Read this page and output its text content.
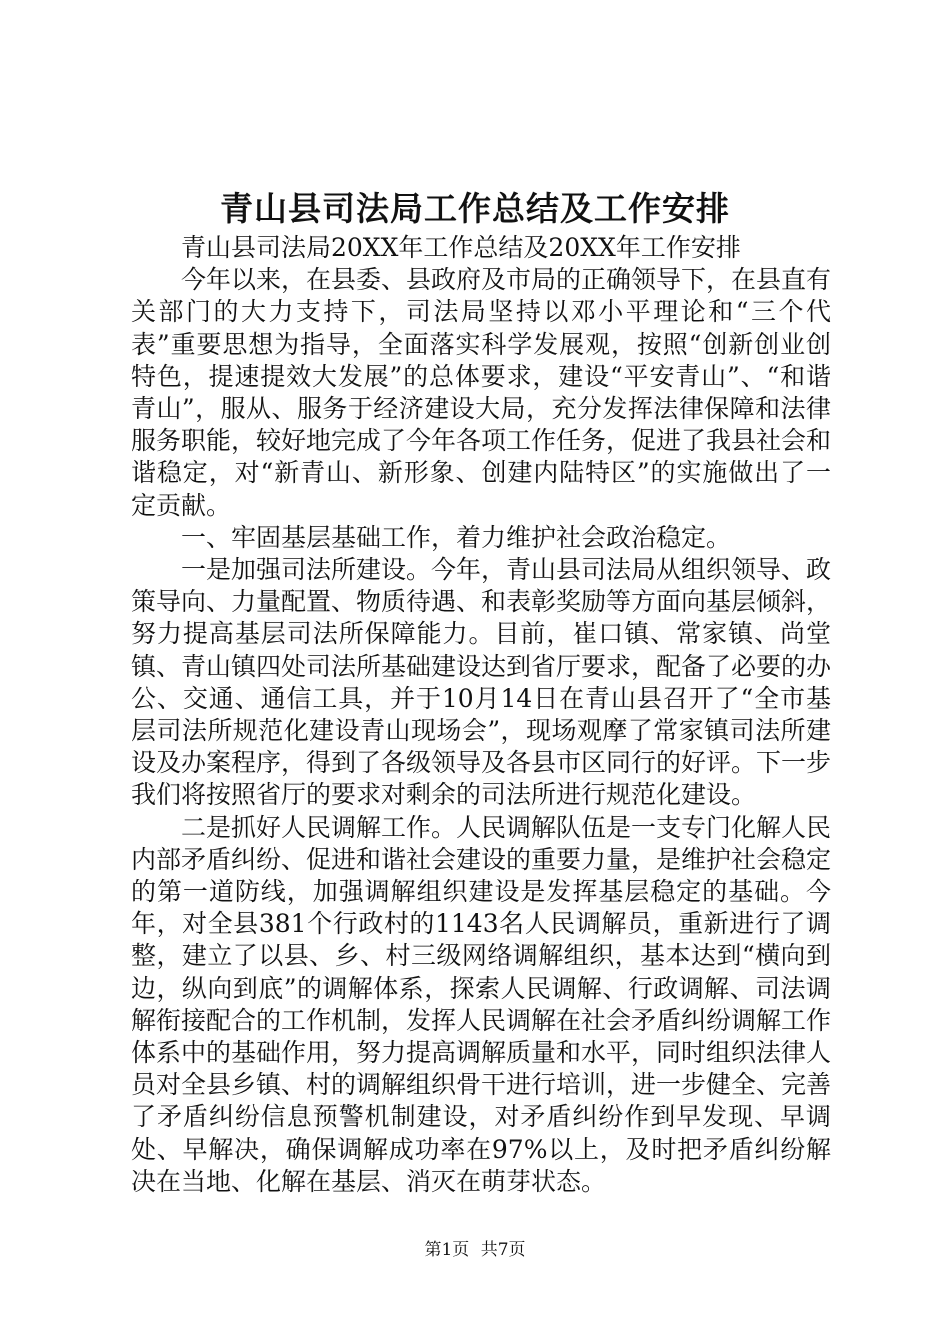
青山县司法局工作总结及工作安排

青山县司法局20XX年工作总结及20XX年工作安排

今年以来，在县委、县政府及市局的正确领导下，在县直有关部门的大力支持下，司法局坚持以邓小平理论和“三个代表”重要思想为指导，全面落实科学发展观，按照“创新创业创特色，提速提效大发展”的总体要求，建设“平安青山”、“和谐青山”，服从、服务于经济建设大局，充分发挥法律保障和法律服务职能，较好地完成了今年各项工作任务，促进了我县社会和谐稳定，对“新青山、新形象、创建内陆特区”的实施做出了一定贡献。

一、牢固基层基础工作，着力维护社会政治稳定。

一是加强司法所建设。今年，青山县司法局从组织领导、政策导向、力量配置、物质待遇、和表彰奖励等方面向基层倾斜，努力提高基层司法所保障能力。目前，崔口镇、常家镇、尚堂镇、青山镇四处司法所基础建设达到省厅要求，配备了必要的办公、交通、通信工具，并于10月14日在青山县召开了“全市基层司法所规范化建设青山现场会”，现场观摩了常家镇司法所建设及办案程序，得到了各级领导及各县市区同行的好评。下一步我们将按照省厅的要求对剩余的司法所进行规范化建设。

二是抓好人民调解工作。人民调解队伍是一支专门化解人民内部矛盾纠纷、促进和谐社会建设的重要力量，是维护社会稳定的第一道防线，加强调解组织建设是发挥基层稳定的基础。今年，对全县381个行政村的1143名人民调解员，重新进行了调整，建立了以县、乡、村三级网络调解组织，基本达到“横向到边，纵向到底”的调解体系，探索人民调解、行政调解、司法调解衔接配合的工作机制，发挥人民调解在社会矛盾纠纷调解工作体系中的基础作用，努力提高调解质量和水平，同时组织法律人员对全县乡镇、村的调解组织骨干进行培训，进一步健全、完善了矛盾纠纷信息预警机制建设，对矛盾纠纷作到早发现、早调处、早解决，确保调解成功率在97%以上，及时把矛盾纠纷解决在当地、化解在基层、消灭在萌芽状态。

第1页 共7页
